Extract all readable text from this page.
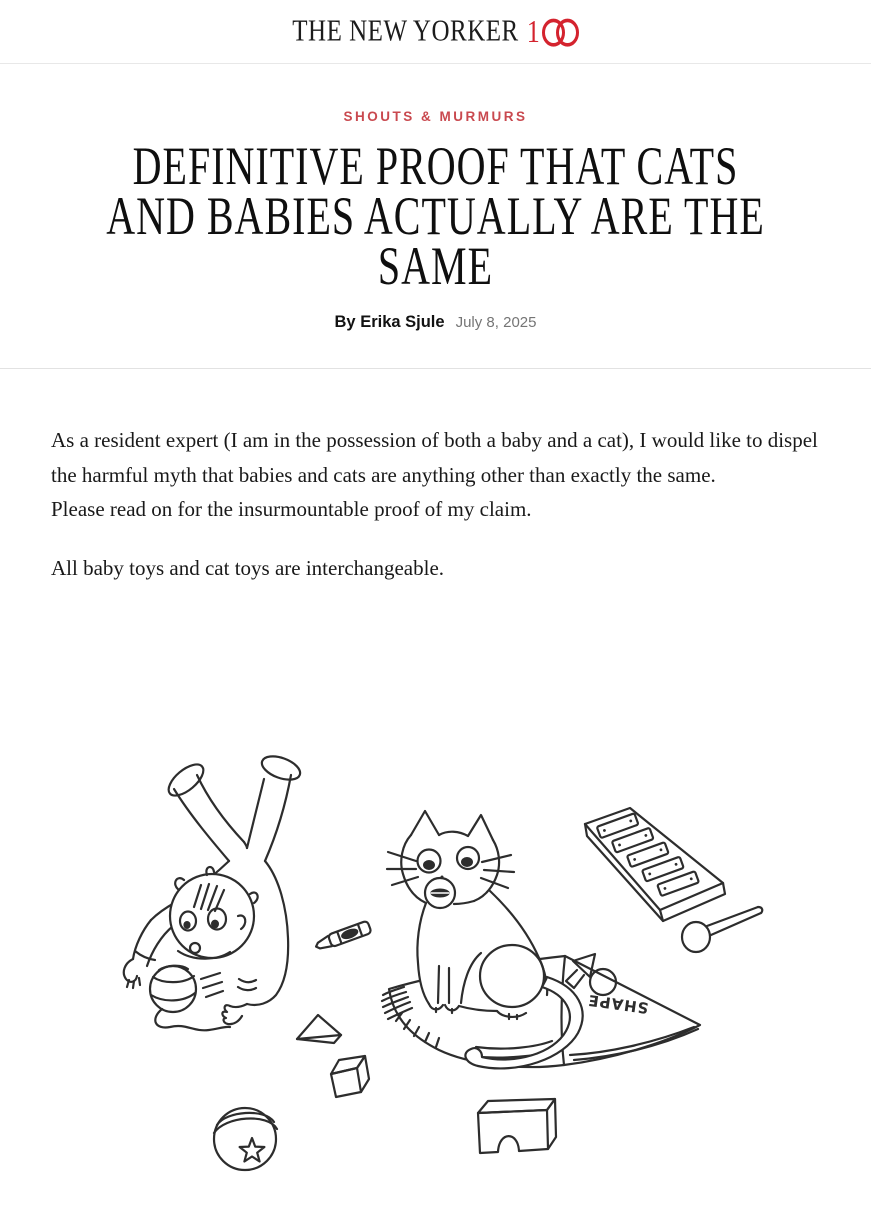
THE NEW YORKER 1
SHOUTS & MURMURS
DEFINITIVE PROOF THAT CATS
AND BABIES ACTUALLY ARE THE
SAME
By Erika Sjule July 8, 2025

As a resident expert (I am in the possession of both a baby and a cat), I would like to dispel the harmful myth that babies and cats are anything other than exactly the same.

Please read on for the insurmountable proof of my claim.

All baby toys and cat toys are interchangeable.

SHAPE
